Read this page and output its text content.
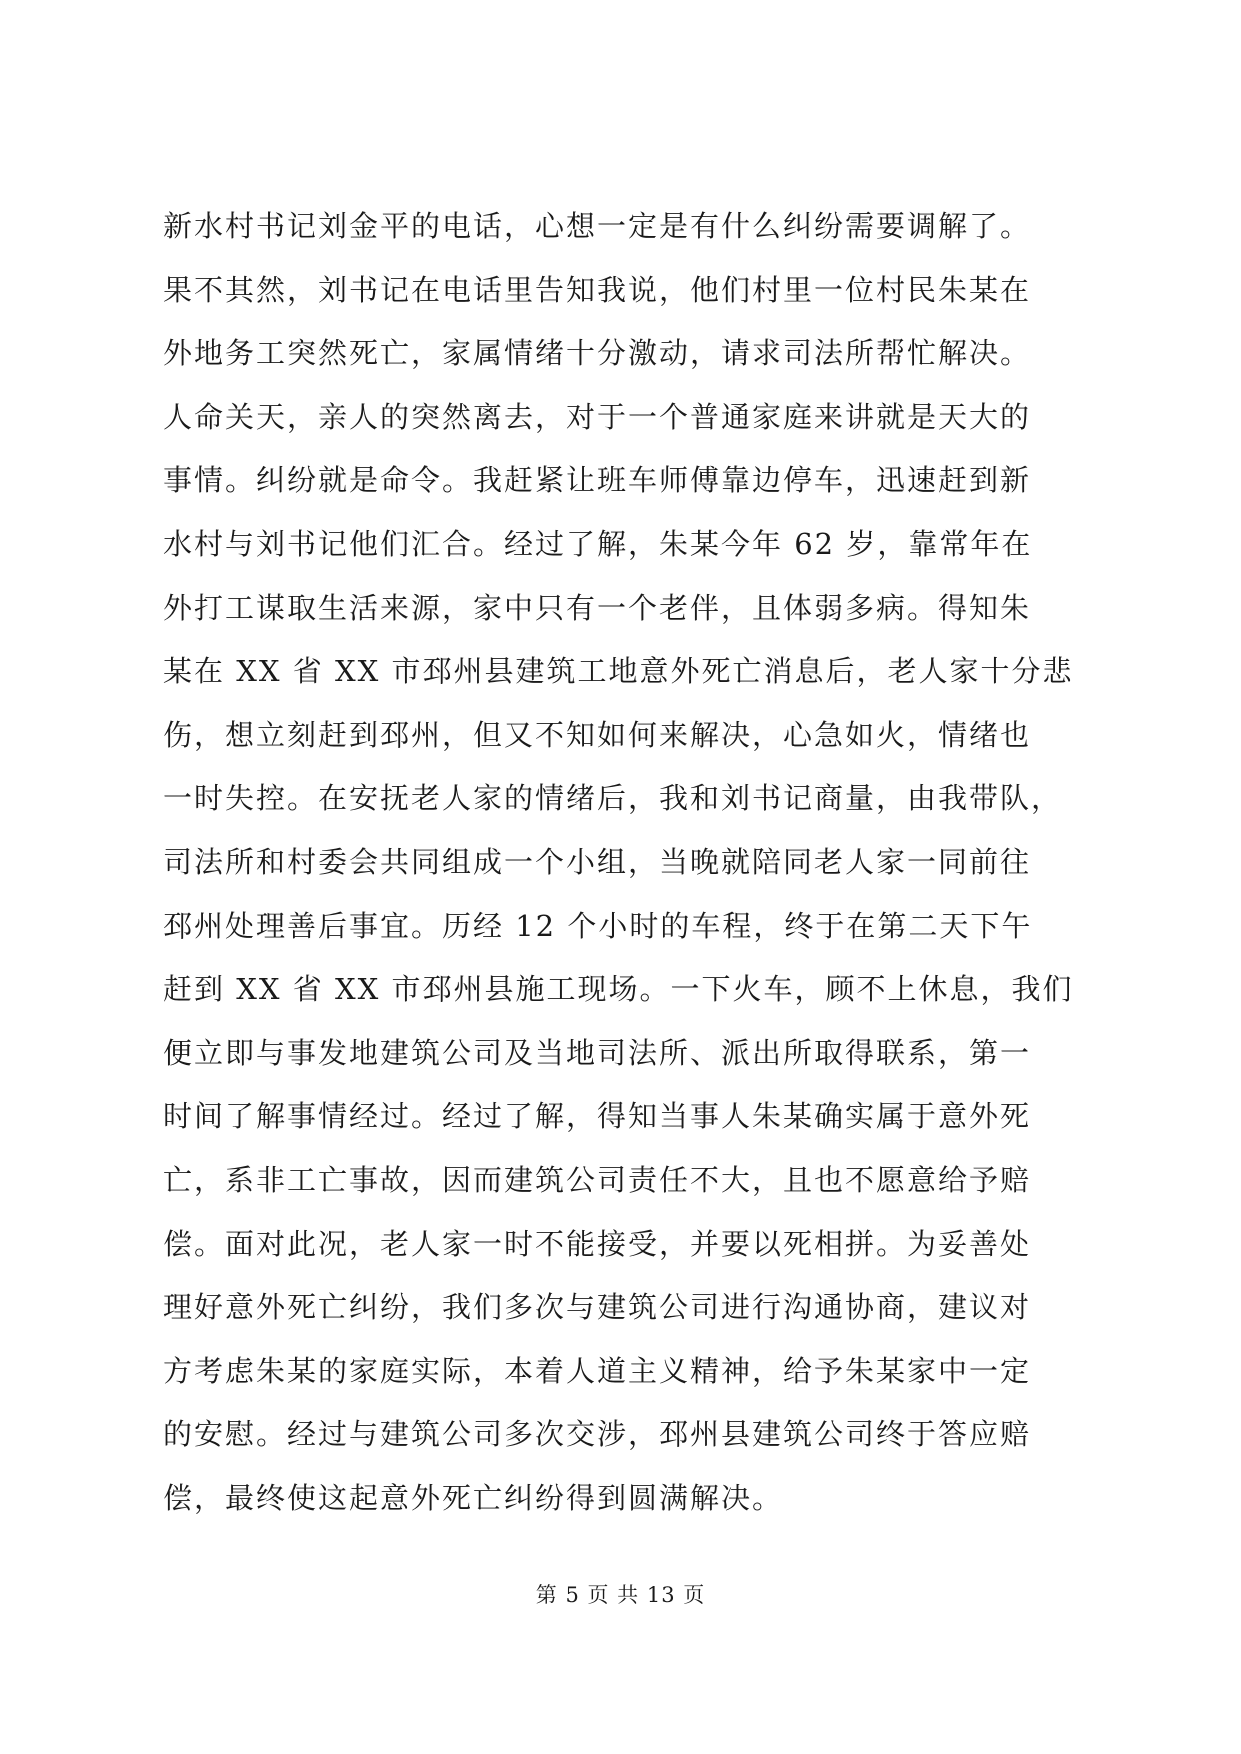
新水村书记刘金平的电话，心想一定是有什么纠纷需要调解了。
果不其然，刘书记在电话里告知我说，他们村里一位村民朱某在
外地务工突然死亡，家属情绪十分激动，请求司法所帮忙解决。
人命关天，亲人的突然离去，对于一个普通家庭来讲就是天大的
事情。纠纷就是命令。我赶紧让班车师傅靠边停车，迅速赶到新
水村与刘书记他们汇合。经过了解，朱某今年 62 岁，靠常年在
外打工谋取生活来源，家中只有一个老伴，且体弱多病。得知朱
某在 XX 省 XX 市邳州县建筑工地意外死亡消息后，老人家十分悲
伤，想立刻赶到邳州，但又不知如何来解决，心急如火，情绪也
一时失控。在安抚老人家的情绪后，我和刘书记商量，由我带队，
司法所和村委会共同组成一个小组，当晚就陪同老人家一同前往
邳州处理善后事宜。历经 12 个小时的车程，终于在第二天下午
赶到 XX 省 XX 市邳州县施工现场。一下火车，顾不上休息，我们
便立即与事发地建筑公司及当地司法所、派出所取得联系，第一
时间了解事情经过。经过了解，得知当事人朱某确实属于意外死
亡，系非工亡事故，因而建筑公司责任不大，且也不愿意给予赔
偿。面对此况，老人家一时不能接受，并要以死相拼。为妥善处
理好意外死亡纠纷，我们多次与建筑公司进行沟通协商，建议对
方考虑朱某的家庭实际，本着人道主义精神，给予朱某家中一定
的安慰。经过与建筑公司多次交涉，邳州县建筑公司终于答应赔
偿，最终使这起意外死亡纠纷得到圆满解决。
第 5 页 共 13 页
